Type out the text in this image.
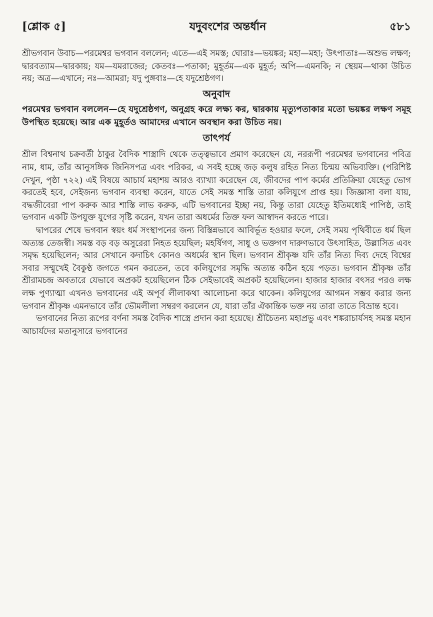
[শ্লোক ৫]	যদুবংশের অন্তর্ধান	৫৮১

শ্রীভগবান উবাচ—পরমেশ্বর ভগবান বললেন; এতে—এই সমস্ত; ঘোরাঃ—ভয়ঙ্কর; মহা—মহা; উৎপাতাঃ—অশুভ লক্ষণ; দ্বারবত্যাম—দ্বারকায়; যম—যমরাজের; কেতবঃ—পতাকা; মুহূর্তম—এক মুহূর্ত; অপি—এমনকি; ন স্থেয়ম—থাকা উচিত নয়; অত্র—এখানে; নঃ—আমরা; যদু পুঙ্গবাঃ—হে যদুশ্রেষ্ঠগণ।

অনুবাদ

পরমেশ্বর ভগবান বললেন—হে যদুশ্রেষ্ঠগণ, অনুগ্রহ করে লক্ষ্য কর, দ্বারকায় মৃত্যুপতাকার মতো ভয়ঙ্কর লক্ষণ সমূহ উপস্থিত হয়েছে। আর এক মুহূর্তও আমাদের এখানে অবস্থান করা উচিত নয়।

তাৎপর্য

শ্রীল বিশ্বনাথ চক্রবর্তী ঠাকুর বৈদিক শাস্ত্রাদি থেকে তত্ত্বভাবে প্রমাণ করেছেন যে, নররূপী পরমেশ্বর ভগবানের পবিত্র নাম, ধাম, তাঁর আনুসঙ্গিক জিনিসপত্র এবং পরিকর, এ সবই হচ্ছে জড় কলুষ রহিত নিত্য চিন্ময় অভিব্যক্তি। (পরিশিষ্ট দেখুন, পৃষ্ঠা ৭২২) এই বিষয়ে আচার্য মহাশয় আরও ব্যাখ্যা করেছেন যে, জীবদের পাপ কর্মের প্রতিক্রিয়া যেহেতু ভোগ করতেই হবে, সেইজন্য ভগবান ব্যবস্থা করেন, যাতে সেই সমস্ত শাস্তি তারা কলিযুগে প্রাপ্ত হয়। জিজ্ঞাসা বলা যায়, বদ্ধজীবেরা পাপ করুক আর শাস্তি লাভ করুক, এটি ভগবানের ইচ্ছা নয়, কিন্তু তারা যেহেতু ইতিমধ্যেই পাপিষ্ঠ, তাই ভগবান একটি উপযুক্ত যুগের সৃষ্টি করেন, যখন তারা অধর্মের তিক্ত ফল আস্বাদন করতে পারে।

দ্বাপরের শেষে ভগবান স্বয়ং ধর্ম সংস্থাপনের জন্য বিস্তিন্নভাবে আবির্ভূত হওয়ার ফলে, সেই সময় পৃথিবীতে ধর্ম ছিল অত্যন্ত তেজস্বী। সমস্ত বড় বড় অসুরেরা নিহত হয়েছিল; মহর্ষিগণ, সাধু ও ভক্তগণ দারুণভাবে উৎসাহিত, উল্লাসিত এবং সমৃদ্ধ হয়েছিলেন; আর সেখানে কদাচিৎ কোনও অধর্মের স্থান ছিল। ভগবান শ্রীকৃষ্ণ যদি তাঁর নিত্য দিব্য দেহে বিশ্বের সবার সম্মুখেই বৈকুণ্ঠ জগতে গমন করতেন, তবে কলিযুগের সমৃদ্ধি অত্যন্ত কঠিন হয়ে পড়ত। ভগবান শ্রীকৃষ্ণ তাঁর শ্রীরামচন্দ্র অবতারে যেভাবে অপ্রকট হয়েছিলেন ঠিক সেইভাবেই অপ্রকট হয়েছিলেন। হাজার হাজার বৎসর পরও লক্ষ লক্ষ পুণ্যাত্মা এখনও ভগবানের এই অপূর্ব লীলাকথা আলোচনা করে থাকেন। কলিযুগের আগমন সম্ভব করার জন্য ভগবান শ্রীকৃষ্ণ এমনভাবে তাঁর ভৌমলীলা সম্বরণ করলেন যে, যারা তাঁর ঐকান্তিক ভক্ত নয় তারা তাতে বিভ্রান্ত হবে।

ভগবানের নিত্য রূপের বর্ণনা সমস্ত বৈদিক শাস্ত্রে প্রদান করা হয়েছে। শ্রীচৈতন্য মহাপ্রভু এবং শঙ্করাচার্যসহ সমস্ত মহান আচার্যদের মতানুসারে ভগবানের
